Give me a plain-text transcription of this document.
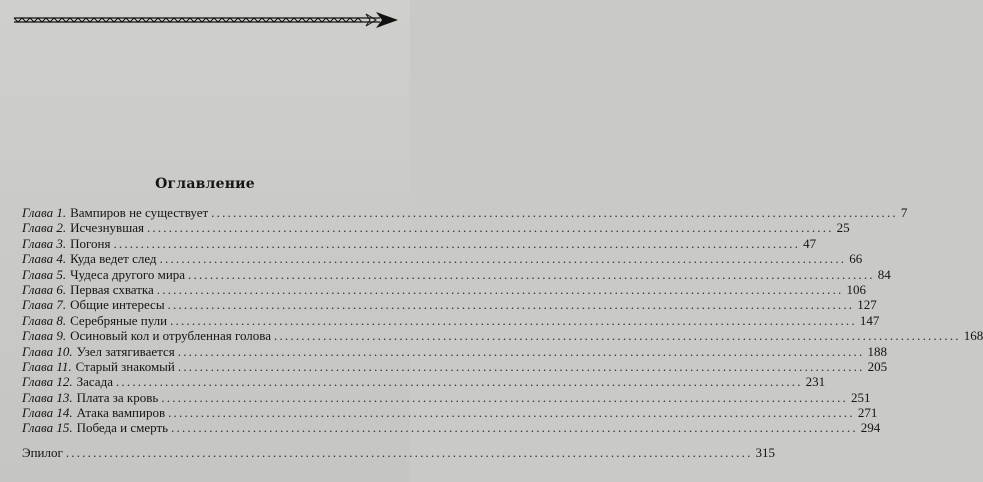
Оглавление
Глава 1. Вампиров не существует .....	7
Глава 2. Исчезнувшая .....	25
Глава 3. Погоня .....	47
Глава 4. Куда ведет след .....	66
Глава 5. Чудеса другого мира .....	84
Глава 6. Первая схватка .....	106
Глава 7. Общие интересы .....	127
Глава 8. Серебряные пули .....	147
Глава 9. Осиновый кол и отрубленная голова .....	168
Глава 10. Узел затягивается .....	188
Глава 11. Старый знакомый .....	205
Глава 12. Засада .....	231
Глава 13. Плата за кровь .....	251
Глава 14. Атака вампиров .....	271
Глава 15. Победа и смерть .....	294
Эпилог .....	315
